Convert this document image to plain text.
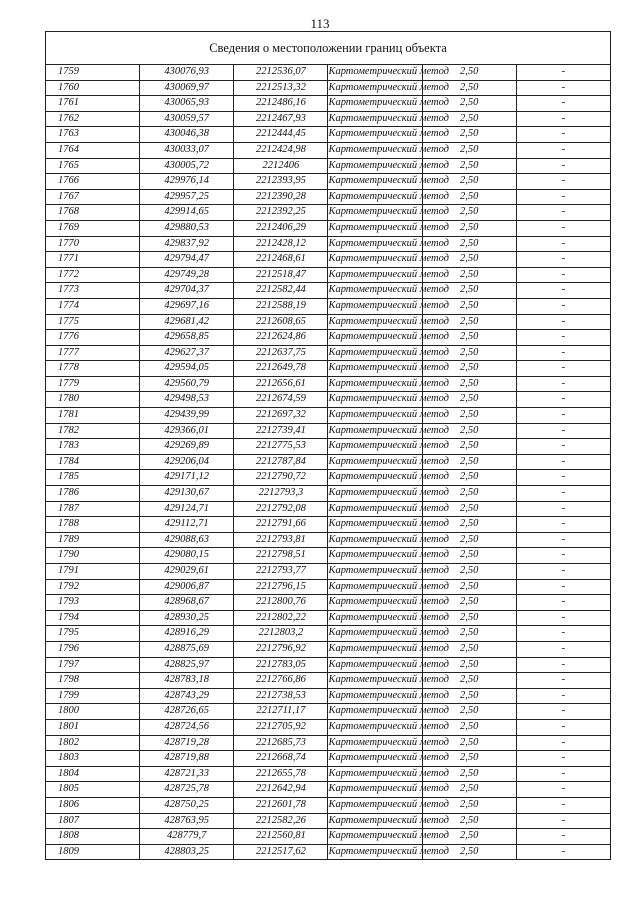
113
Сведения о местоположении границ объекта					
1759	430076,93	2212536,07	Картометрический метод	2,50	-
1760	430069,97	2212513,32	Картометрический метод	2,50	-
1761	430065,93	2212486,16	Картометрический метод	2,50	-
1762	430059,57	2212467,93	Картометрический метод	2,50	-
1763	430046,38	2212444,45	Картометрический метод	2,50	-
1764	430033,07	2212424,98	Картометрический метод	2,50	-
1765	430005,72	2212406	Картометрический метод	2,50	-
1766	429976,14	2212393,95	Картометрический метод	2,50	-
1767	429957,25	2212390,28	Картометрический метод	2,50	-
1768	429914,65	2212392,25	Картометрический метод	2,50	-
1769	429880,53	2212406,29	Картометрический метод	2,50	-
1770	429837,92	2212428,12	Картометрический метод	2,50	-
1771	429794,47	2212468,61	Картометрический метод	2,50	-
1772	429749,28	2212518,47	Картометрический метод	2,50	-
1773	429704,37	2212582,44	Картометрический метод	2,50	-
1774	429697,16	2212588,19	Картометрический метод	2,50	-
1775	429681,42	2212608,65	Картометрический метод	2,50	-
1776	429658,85	2212624,86	Картометрический метод	2,50	-
1777	429627,37	2212637,75	Картометрический метод	2,50	-
1778	429594,05	2212649,78	Картометрический метод	2,50	-
1779	429560,79	2212656,61	Картометрический метод	2,50	-
1780	429498,53	2212674,59	Картометрический метод	2,50	-
1781	429439,99	2212697,32	Картометрический метод	2,50	-
1782	429366,01	2212739,41	Картометрический метод	2,50	-
1783	429269,89	2212775,53	Картометрический метод	2,50	-
1784	429206,04	2212787,84	Картометрический метод	2,50	-
1785	429171,12	2212790,72	Картометрический метод	2,50	-
1786	429130,67	2212793,3	Картометрический метод	2,50	-
1787	429124,71	2212792,08	Картометрический метод	2,50	-
1788	429112,71	2212791,66	Картометрический метод	2,50	-
1789	429088,63	2212793,81	Картометрический метод	2,50	-
1790	429080,15	2212798,51	Картометрический метод	2,50	-
1791	429029,61	2212793,77	Картометрический метод	2,50	-
1792	429006,87	2212796,15	Картометрический метод	2,50	-
1793	428968,67	2212800,76	Картометрический метод	2,50	-
1794	428930,25	2212802,22	Картометрический метод	2,50	-
1795	428916,29	2212803,2	Картометрический метод	2,50	-
1796	428875,69	2212796,92	Картометрический метод	2,50	-
1797	428825,97	2212783,05	Картометрический метод	2,50	-
1798	428783,18	2212766,86	Картометрический метод	2,50	-
1799	428743,29	2212738,53	Картометрический метод	2,50	-
1800	428726,65	2212711,17	Картометрический метод	2,50	-
1801	428724,56	2212705,92	Картометрический метод	2,50	-
1802	428719,28	2212685,73	Картометрический метод	2,50	-
1803	428719,88	2212668,74	Картометрический метод	2,50	-
1804	428721,33	2212655,78	Картометрический метод	2,50	-
1805	428725,78	2212642,94	Картометрический метод	2,50	-
1806	428750,25	2212601,78	Картометрический метод	2,50	-
1807	428763,95	2212582,26	Картометрический метод	2,50	-
1808	428779,7	2212560,81	Картометрический метод	2,50	-
1809	428803,25	2212517,62	Картометрический метод	2,50	-
